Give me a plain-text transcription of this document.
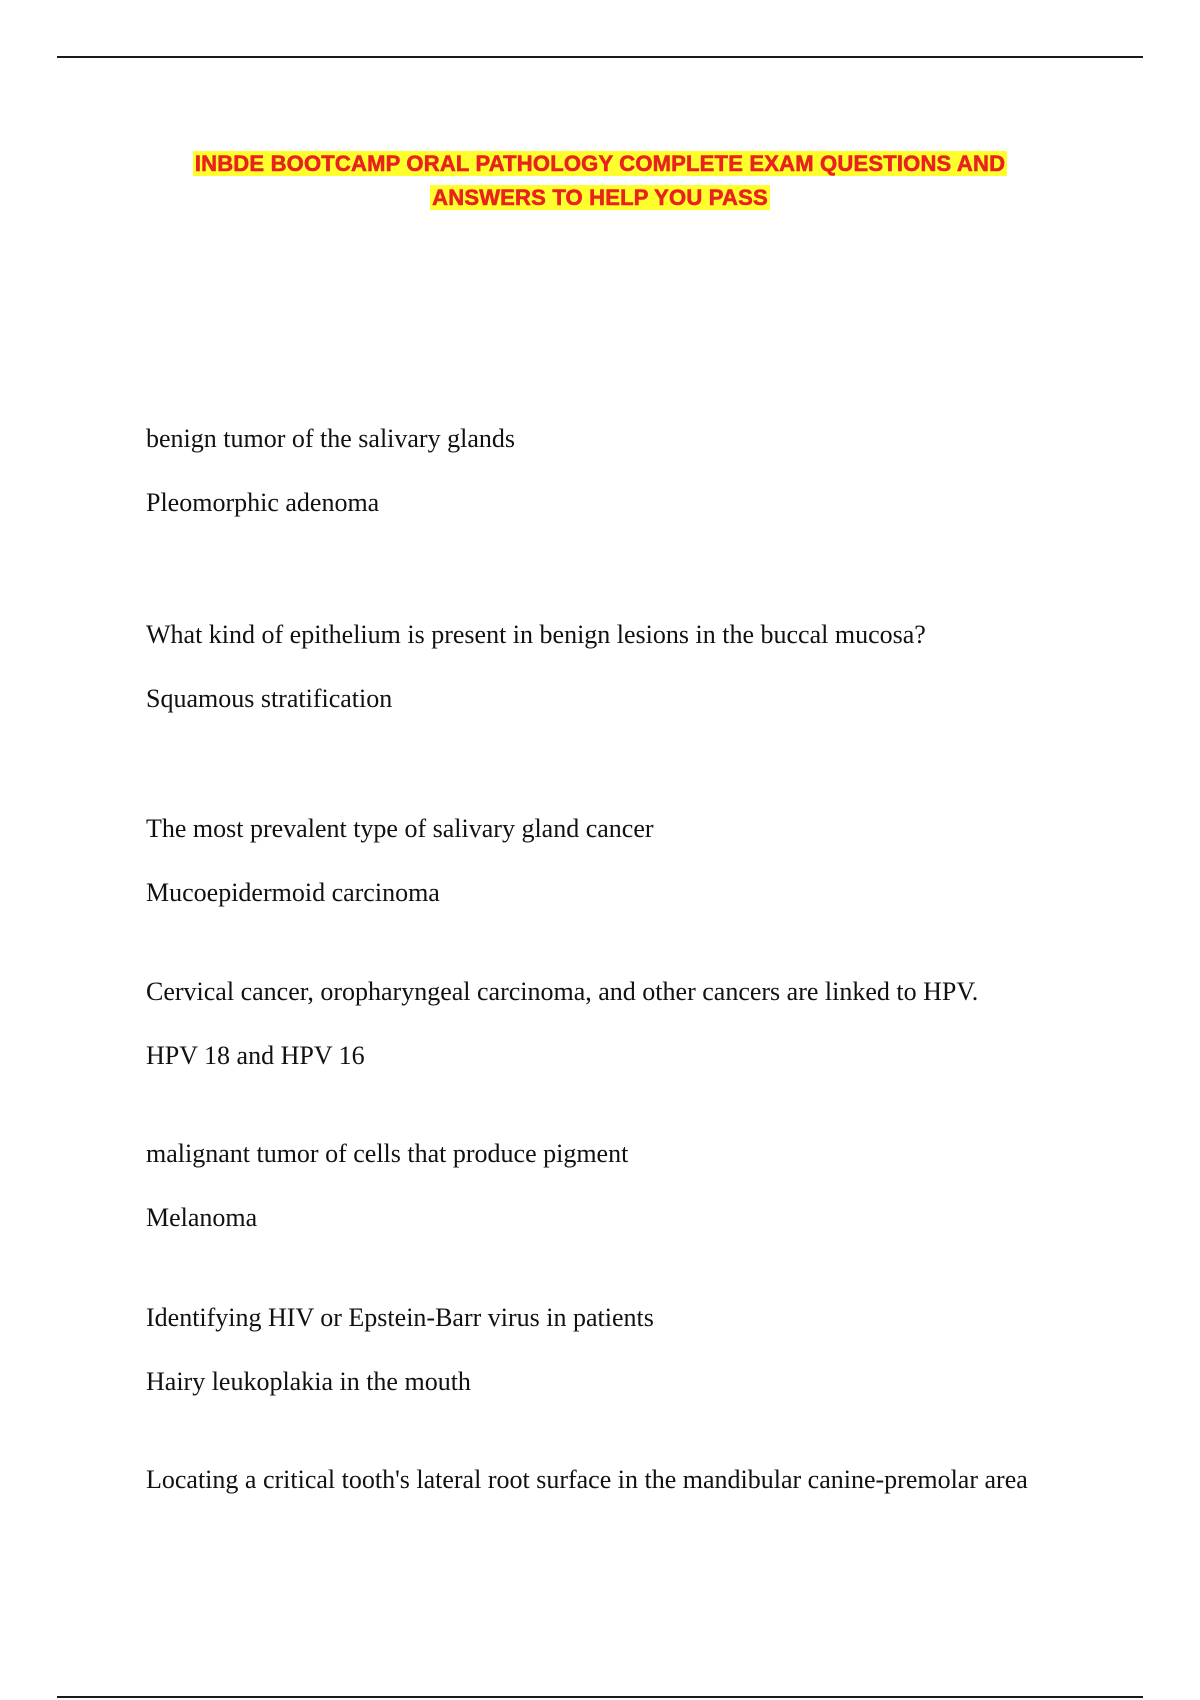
INBDE BOOTCAMP ORAL PATHOLOGY COMPLETE EXAM QUESTIONS AND
ANSWERS TO HELP YOU PASS

benign tumor of the salivary glands

Pleomorphic adenoma

What kind of epithelium is present in benign lesions in the buccal mucosa?

Squamous stratification

The most prevalent type of salivary gland cancer

Mucoepidermoid carcinoma

Cervical cancer, oropharyngeal carcinoma, and other cancers are linked to HPV.

HPV 18 and HPV 16

malignant tumor of cells that produce pigment

Melanoma

Identifying HIV or Epstein-Barr virus in patients

Hairy leukoplakia in the mouth

Locating a critical tooth's lateral root surface in the mandibular canine-premolar area
